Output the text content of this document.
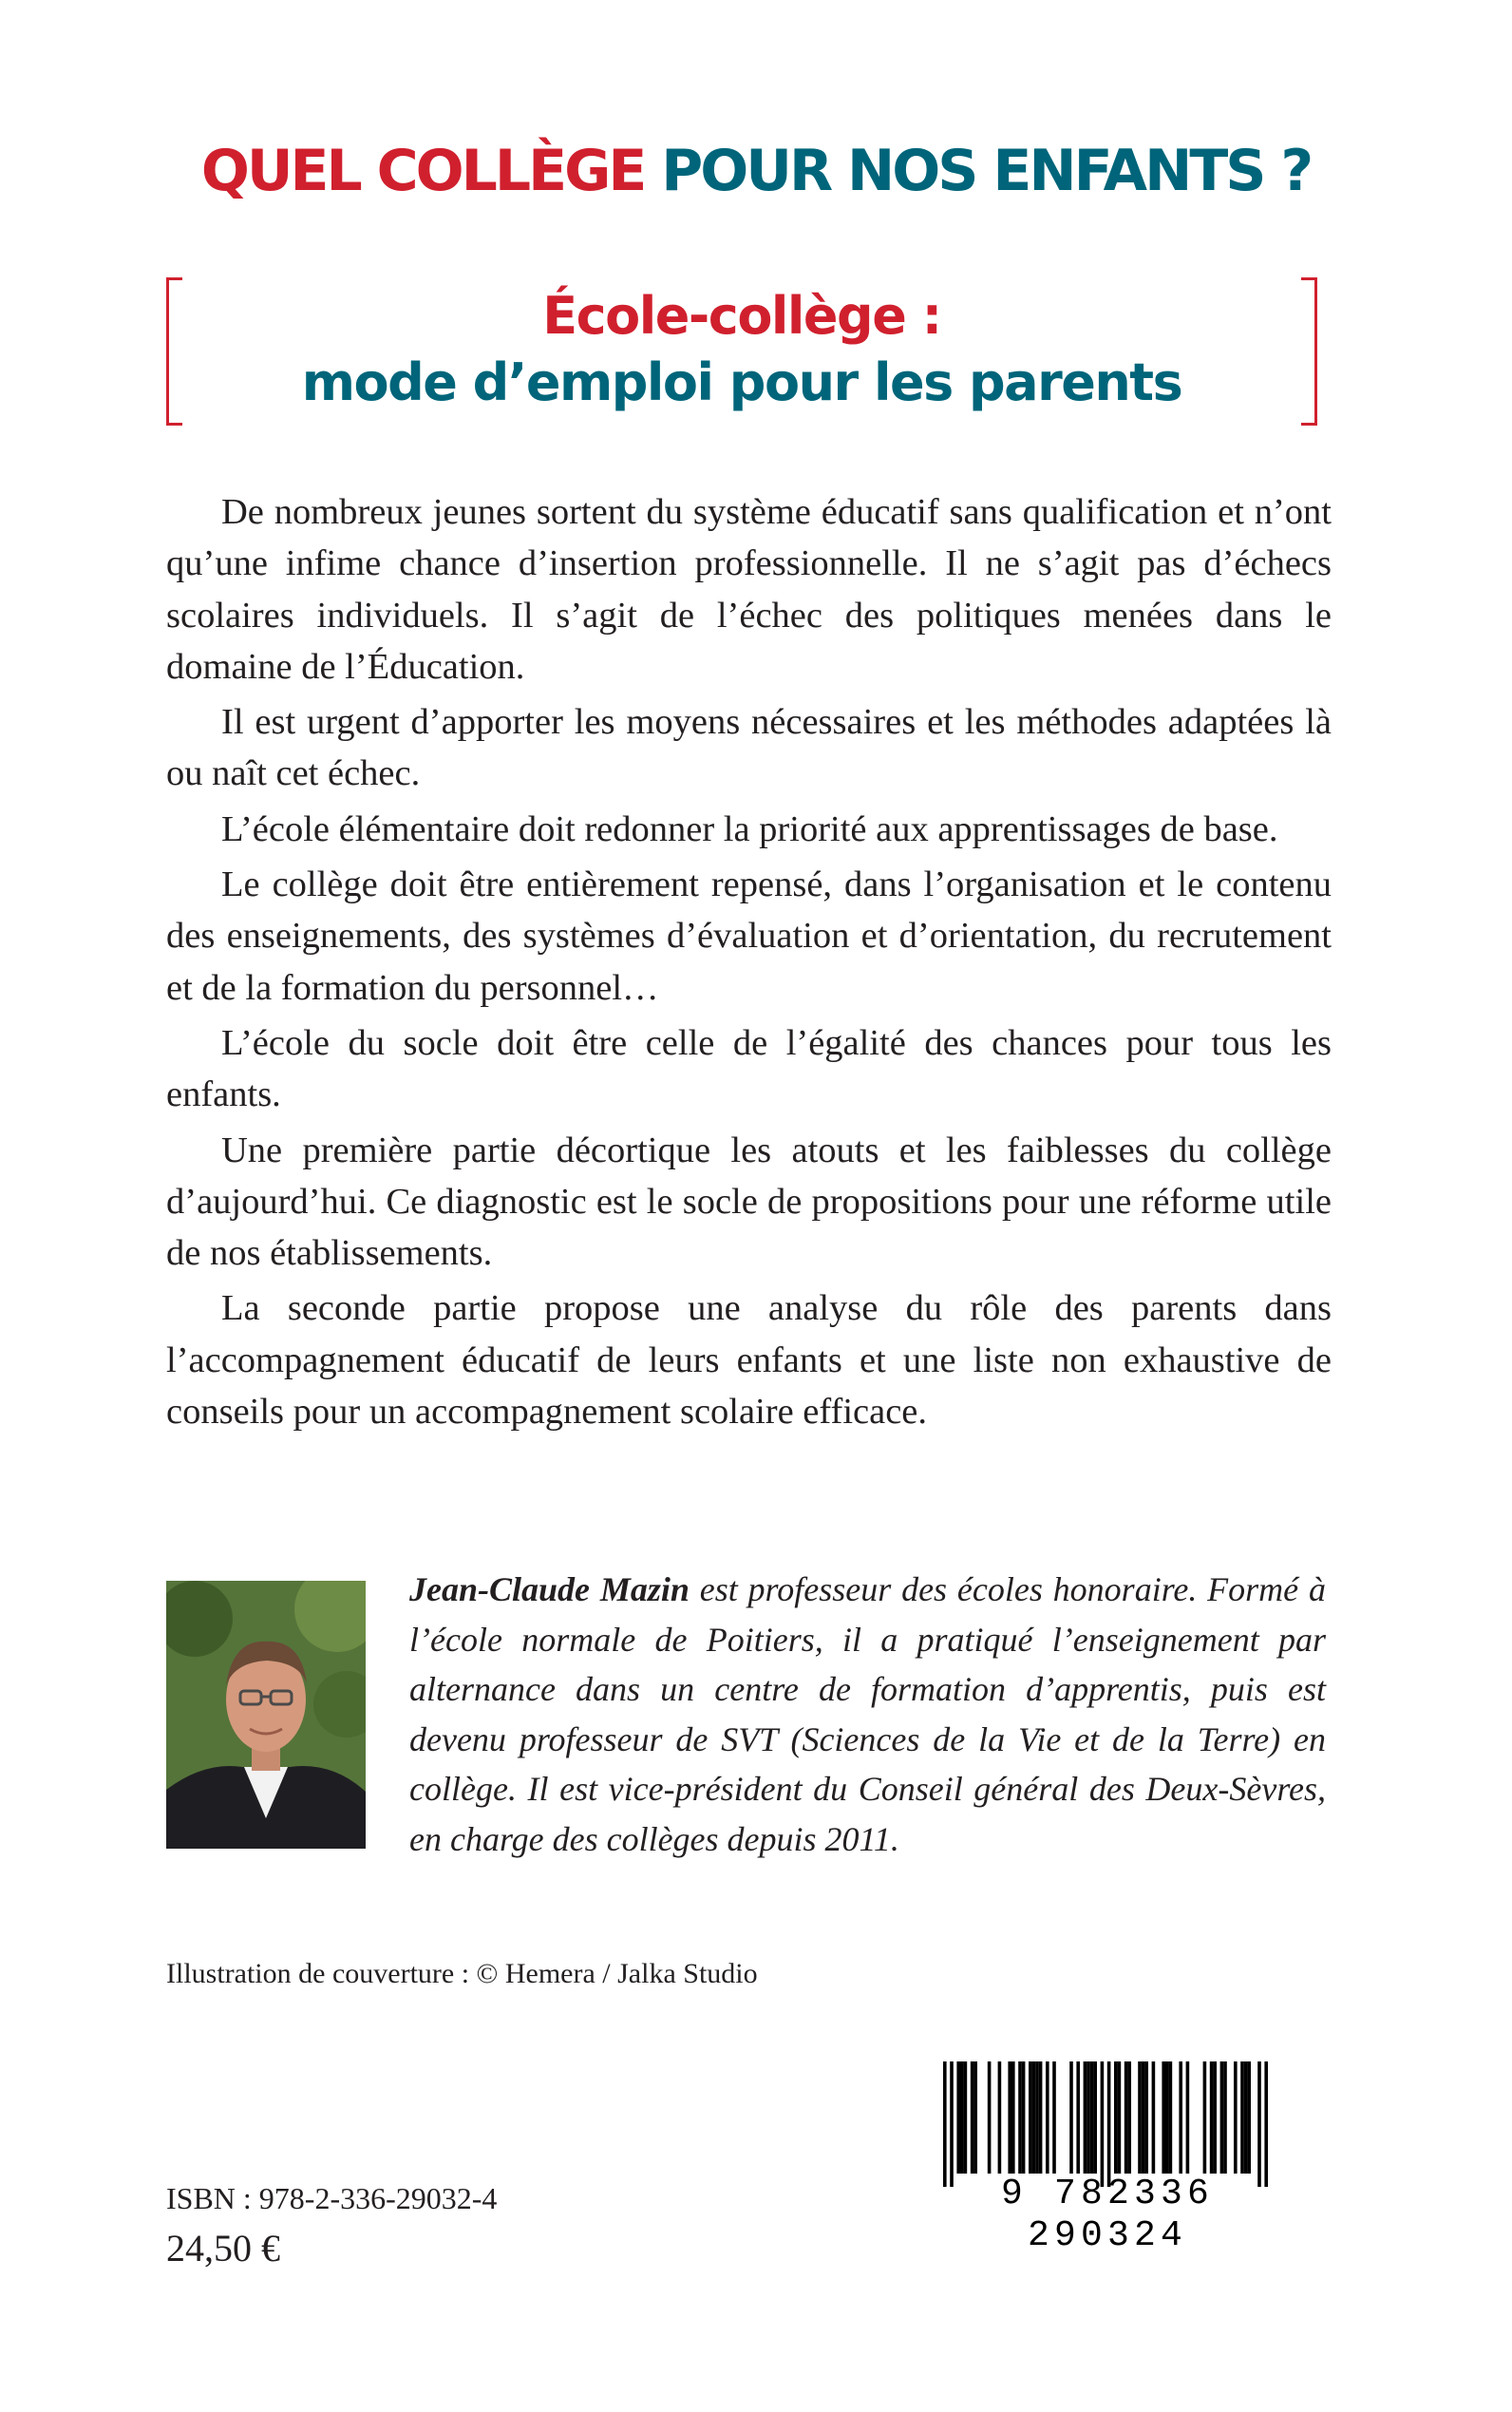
QUEL COLLÈGE POUR NOS ENFANTS ?
École-collège :
mode d’emploi pour les parents

De nombreux jeunes sortent du système éducatif sans qualification et n’ont qu’une infime chance d’insertion professionnelle. Il ne s’agit pas d’échecs scolaires individuels. Il s’agit de l’échec des politiques menées dans le domaine de l’Éducation.

Il est urgent d’apporter les moyens nécessaires et les méthodes adaptées là ou naît cet échec.

L’école élémentaire doit redonner la priorité aux apprentissages de base.

Le collège doit être entièrement repensé, dans l’organisation et le contenu des enseignements, des systèmes d’évaluation et d’orientation, du recrutement et de la formation du personnel…

L’école du socle doit être celle de l’égalité des chances pour tous les enfants.

Une première partie décortique les atouts et les faiblesses du collège d’aujourd’hui. Ce diagnostic est le socle de propositions pour une réforme utile de nos établissements.

La seconde partie propose une analyse du rôle des parents dans l’accompagnement éducatif de leurs enfants et une liste non exhaustive de conseils pour un accompagnement scolaire efficace.

Jean-Claude Mazin est professeur des écoles honoraire. Formé à l’école normale de Poitiers, il a pratiqué l’enseignement par alternance dans un centre de formation d’apprentis, puis est devenu professeur de SVT (Sciences de la Vie et de la Terre) en collège. Il est vice-président du Conseil général des Deux-Sèvres, en charge des collèges depuis 2011.
Illustration de couverture : © Hemera / Jalka Studio
ISBN : 978-2-336-29032-4
24,50 €
9 782336 290324
